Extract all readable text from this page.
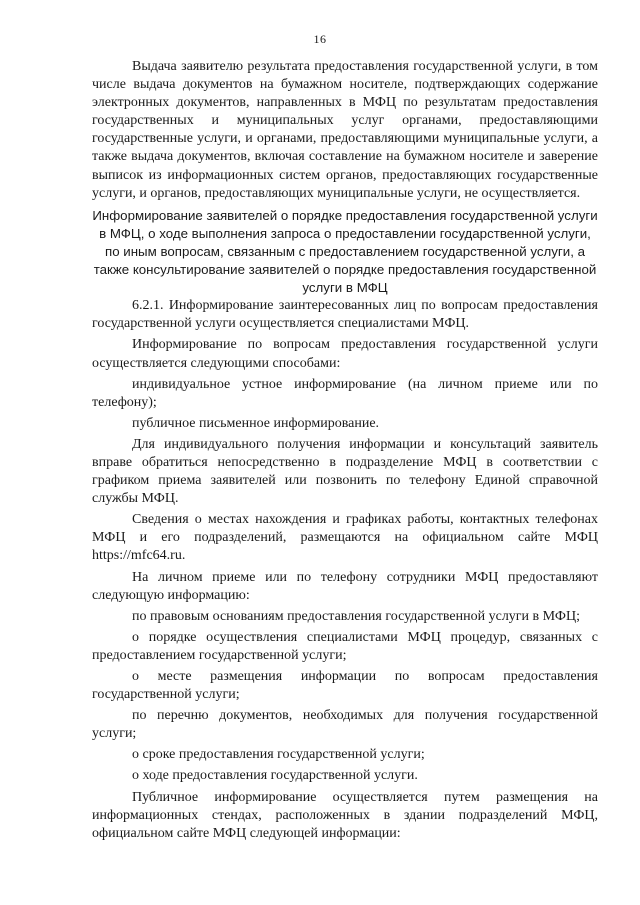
16

Выдача заявителю результата предоставления государственной услуги, в том числе выдача документов на бумажном носителе, подтверждающих содержание электронных документов, направленных в МФЦ по результатам предоставления государственных и муниципальных услуг органами, предоставляющими государственные услуги, и органами, предоставляющими муниципальные услуги, а также выдача документов, включая составление на бумажном носителе и заверение выписок из информационных систем органов, предоставляющих государственные услуги, и органов, предоставляющих муниципальные услуги, не осуществляется.

Информирование заявителей о порядке предоставления государственной услуги в МФЦ, о ходе выполнения запроса о предоставлении государственной услуги, по иным вопросам, связанным с предоставлением государственной услуги, а также консультирование заявителей о порядке предоставления государственной услуги в МФЦ

6.2.1. Информирование заинтересованных лиц по вопросам предоставления государственной услуги осуществляется специалистами МФЦ.

Информирование по вопросам предоставления государственной услуги осуществляется следующими способами:

индивидуальное устное информирование (на личном приеме или по телефону);

публичное письменное информирование.

Для индивидуального получения информации и консультаций заявитель вправе обратиться непосредственно в подразделение МФЦ в соответствии с графиком приема заявителей или позвонить по телефону Единой справочной службы МФЦ.

Сведения о местах нахождения и графиках работы, контактных телефонах МФЦ и его подразделений, размещаются на официальном сайте МФЦ https://mfc64.ru.

На личном приеме или по телефону сотрудники МФЦ предоставляют следующую информацию:

по правовым основаниям предоставления государственной услуги в МФЦ;

о порядке осуществления специалистами МФЦ процедур, связанных с предоставлением государственной услуги;

о месте размещения информации по вопросам предоставления государственной услуги;

по перечню документов, необходимых для получения государственной услуги;

о сроке предоставления государственной услуги;

о ходе предоставления государственной услуги.

Публичное информирование осуществляется путем размещения на информационных стендах, расположенных в здании подразделений МФЦ, официальном сайте МФЦ следующей информации:
